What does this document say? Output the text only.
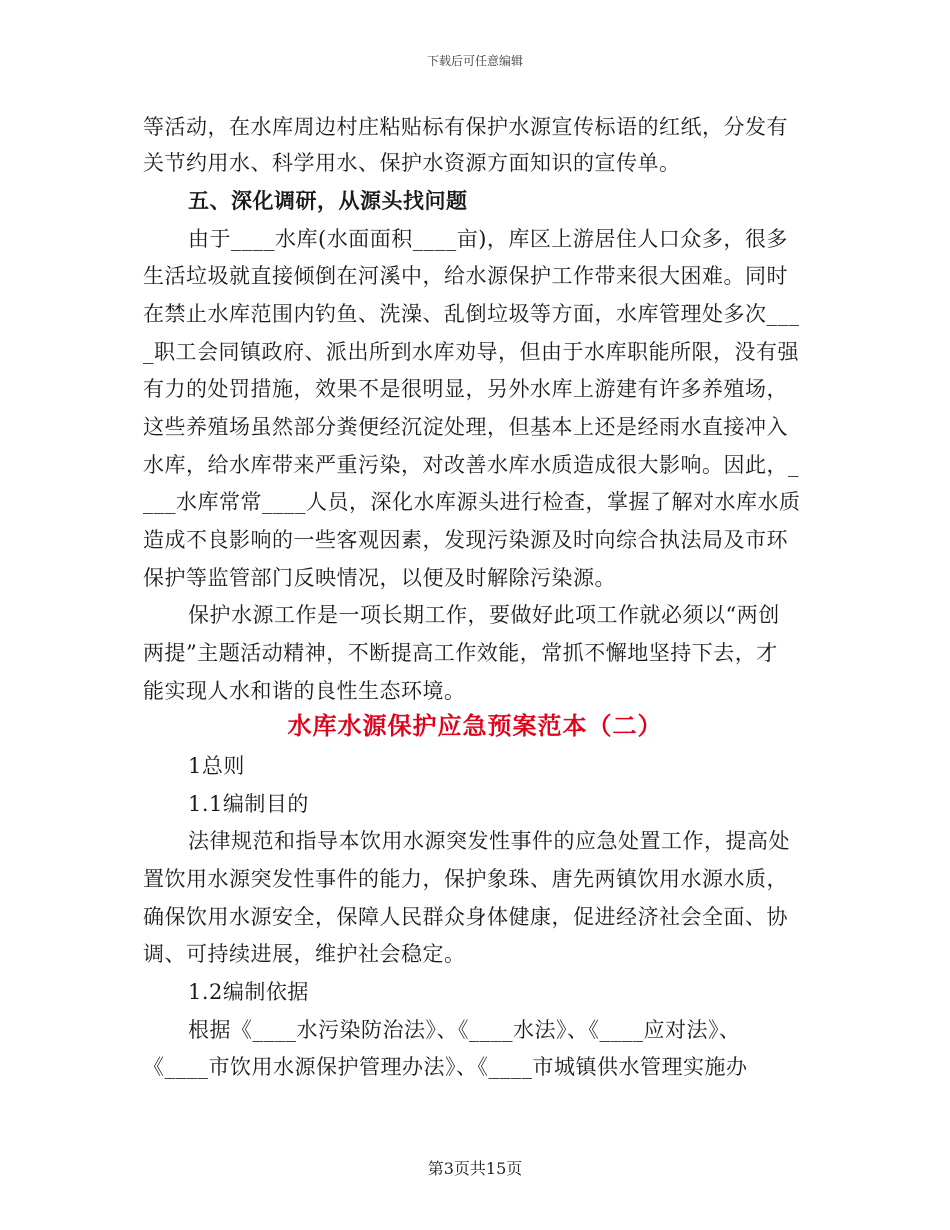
下载后可任意编辑
等活动，在水库周边村庄粘贴标有保护水源宣传标语的红纸，分发有
关节约用水、科学用水、保护水资源方面知识的宣传单。
五、深化调研，从源头找问题
由于____水库(水面面积____亩)，库区上游居住人口众多，很多
生活垃圾就直接倾倒在河溪中，给水源保护工作带来很大困难。同时
在禁止水库范围内钓鱼、洗澡、乱倒垃圾等方面，水库管理处多次___
_职工会同镇政府、派出所到水库劝导，但由于水库职能所限，没有强
有力的处罚措施，效果不是很明显，另外水库上游建有许多养殖场，
这些养殖场虽然部分粪便经沉淀处理，但基本上还是经雨水直接冲入
水库，给水库带来严重污染，对改善水库水质造成很大影响。因此，_
___水库常常____人员，深化水库源头进行检查，掌握了解对水库水质
造成不良影响的一些客观因素，发现污染源及时向综合执法局及市环
保护等监管部门反映情况，以便及时解除污染源。
保护水源工作是一项长期工作，要做好此项工作就必须以“两创
两提”主题活动精神，不断提高工作效能，常抓不懈地坚持下去，才
能实现人水和谐的良性生态环境。
水库水源保护应急预案范本（二）
1总则
1.1编制目的
法律规范和指导本饮用水源突发性事件的应急处置工作，提高处
置饮用水源突发性事件的能力，保护象珠、唐先两镇饮用水源水质，
确保饮用水源安全，保障人民群众身体健康，促进经济社会全面、协
调、可持续进展，维护社会稳定。
1.2编制依据
根据《____水污染防治法》、《____水法》、《____应对法》、
《____市饮用水源保护管理办法》、《____市城镇供水管理实施办
第3页共15页
